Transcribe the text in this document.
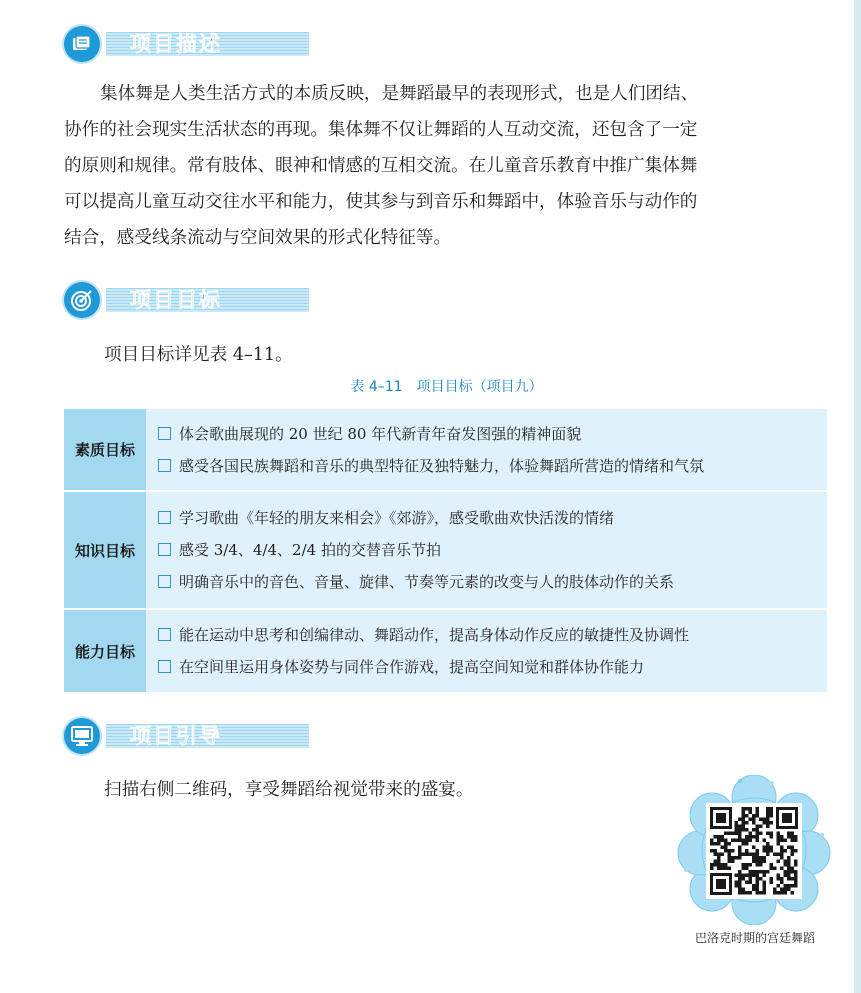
项目描述
集体舞是人类生活方式的本质反映，是舞蹈最早的表现形式，也是人们团结、
协作的社会现实生活状态的再现。集体舞不仅让舞蹈的人互动交流，还包含了一定
的原则和规律。常有肢体、眼神和情感的互相交流。在儿童音乐教育中推广集体舞
可以提高儿童互动交往水平和能力，使其参与到音乐和舞蹈中，体验音乐与动作的
结合，感受线条流动与空间效果的形式化特征等。
项目目标
项目目标详见表 4–11。
表 4–11　项目目标（项目九）
素质目标	体会歌曲展现的 20 世纪 80 年代新青年奋发图强的精神面貌
感受各国民族舞蹈和音乐的典型特征及独特魅力，体验舞蹈所营造的情绪和气氛

知识目标	学习歌曲《年轻的朋友来相会》《郊游》，感受歌曲欢快活泼的情绪
感受 3/4、4/4、2/4 拍的交替音乐节拍
明确音乐中的音色、音量、旋律、节奏等元素的改变与人的肢体动作的关系

能力目标	能在运动中思考和创编律动、舞蹈动作，提高身体动作反应的敏捷性及协调性
在空间里运用身体姿势与同伴合作游戏，提高空间知觉和群体协作能力
项目引导
扫描右侧二维码，享受舞蹈给视觉带来的盛宴。
巴洛克时期的宫廷舞蹈
